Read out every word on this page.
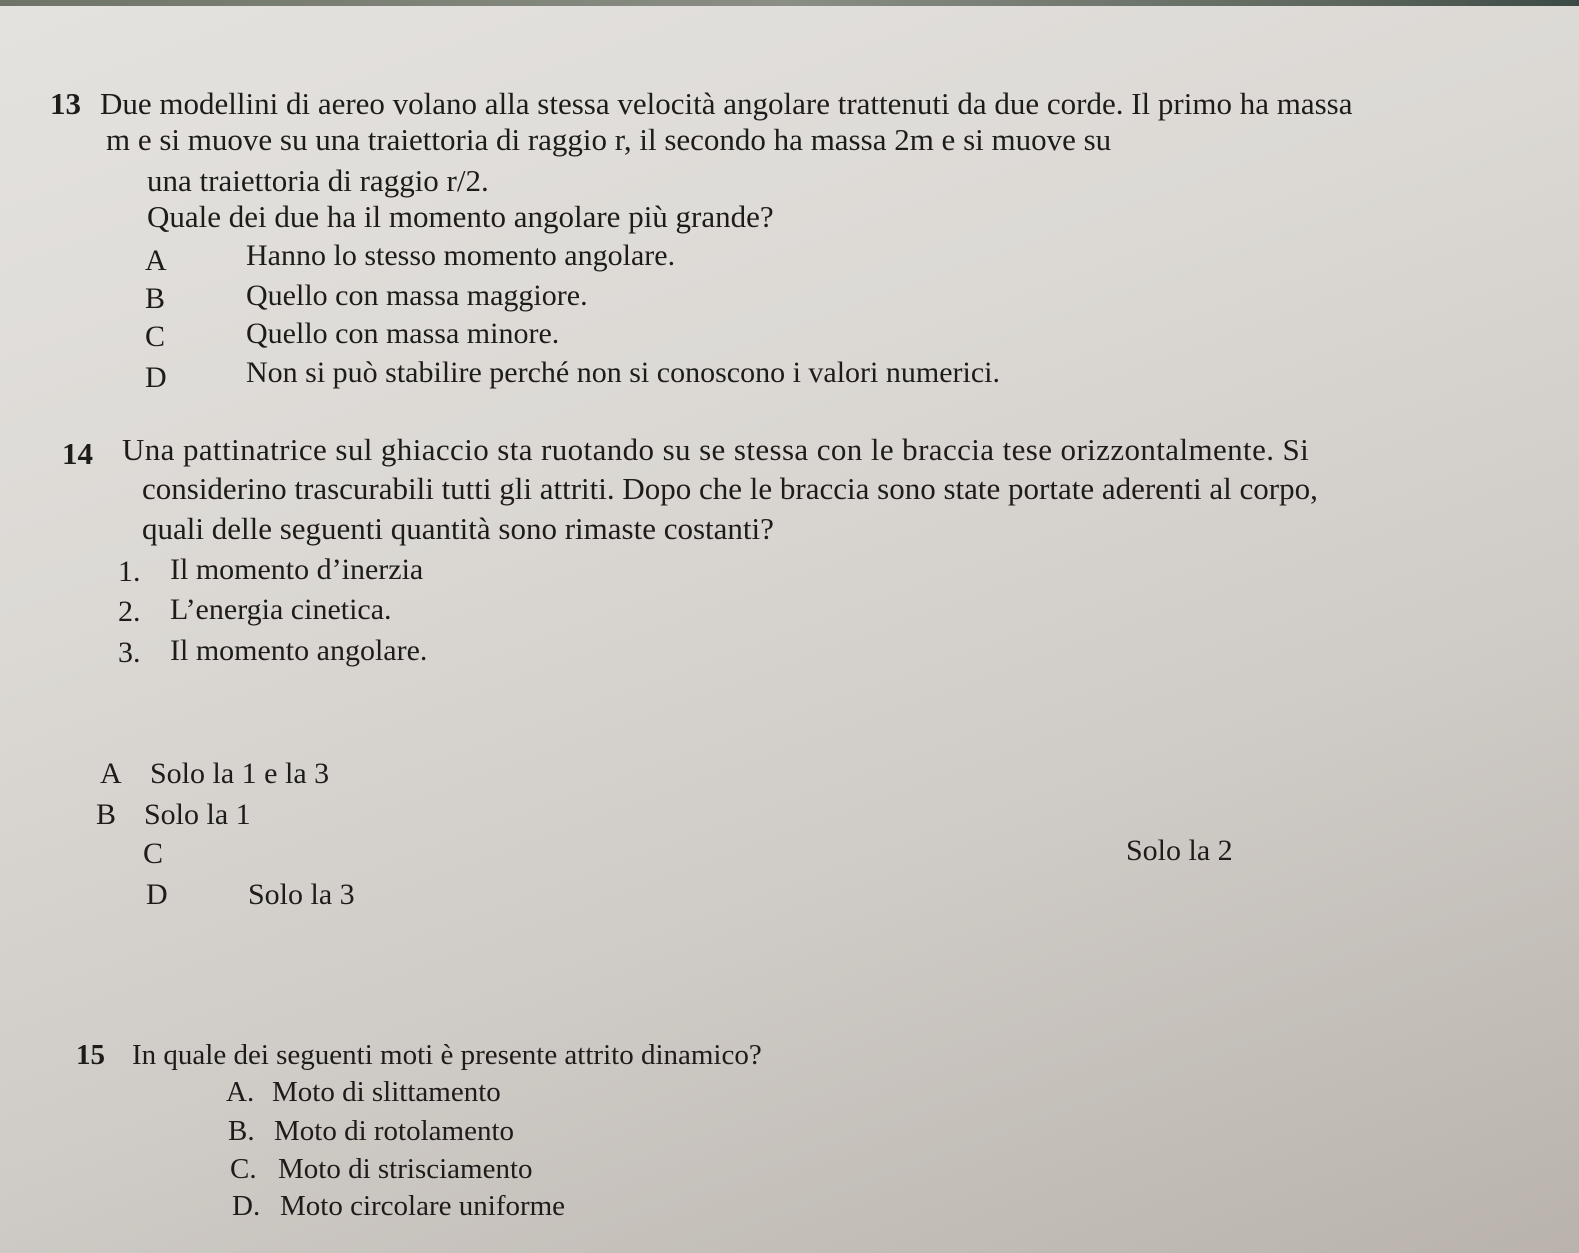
13 Due modellini di aereo volano alla stessa velocità angolare trattenuti da due corde. Il primo ha massa
m e si muove su una traiettoria di raggio r, il secondo ha massa 2m e si muove su
una traiettoria di raggio r/2.
Quale dei due ha il momento angolare più grande?
A	Hanno lo stesso momento angolare.
B	Quello con massa maggiore.
C	Quello con massa minore.
D	Non si può stabilire perché non si conoscono i valori numerici.
14 Una pattinatrice sul ghiaccio sta ruotando su se stessa con le braccia tese orizzontalmente. Si
considerino trascurabili tutti gli attriti. Dopo che le braccia sono state portate aderenti al corpo,
quali delle seguenti quantità sono rimaste costanti?
1. Il momento d’inerzia
2. L’energia cinetica.
3. Il momento angolare.
A Solo la 1 e la 3
B Solo la 1
C	Solo la 2
D	Solo la 3
15 In quale dei seguenti moti è presente attrito dinamico?
A. Moto di slittamento
B. Moto di rotolamento
C. Moto di strisciamento
D. Moto circolare uniforme
